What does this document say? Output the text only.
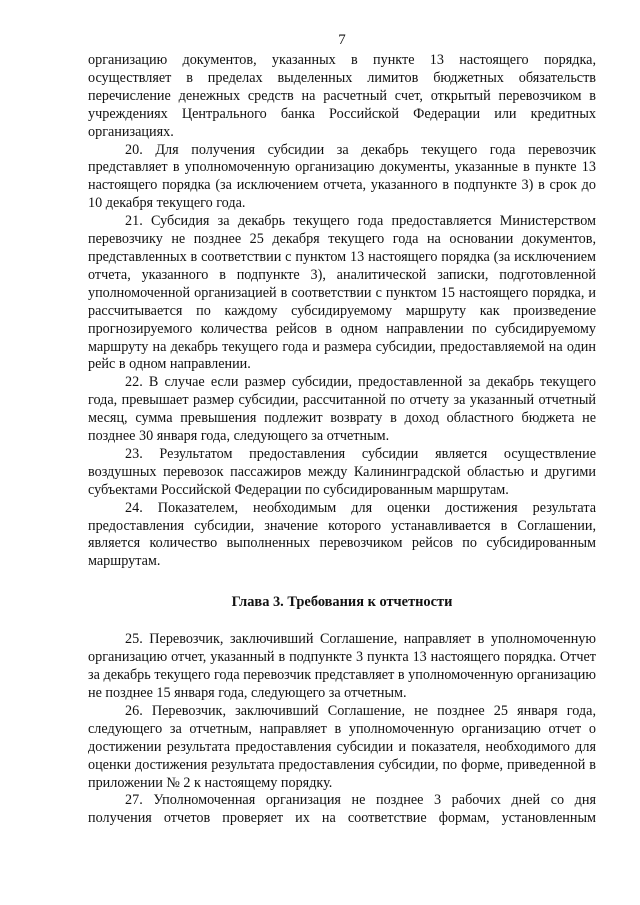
7

организацию документов, указанных в пункте 13 настоящего порядка, осуществляет в пределах выделенных лимитов бюджетных обязательств перечисление денежных средств на расчетный счет, открытый перевозчиком в учреждениях Центрального банка Российской Федерации или кредитных организациях.

20. Для получения субсидии за декабрь текущего года перевозчик представляет в уполномоченную организацию документы, указанные в пункте 13 настоящего порядка (за исключением отчета, указанного в подпункте 3) в срок до 10 декабря текущего года.

21. Субсидия за декабрь текущего года предоставляется Министерством перевозчику не позднее 25 декабря текущего года на основании документов, представленных в соответствии с пунктом 13 настоящего порядка (за исключением отчета, указанного в подпункте 3), аналитической записки, подготовленной уполномоченной организацией в соответствии с пунктом 15 настоящего порядка, и рассчитывается по каждому субсидируемому маршруту как произведение прогнозируемого количества рейсов в одном направлении по субсидируемому маршруту на декабрь текущего года и размера субсидии, предоставляемой на один рейс в одном направлении.

22. В случае если размер субсидии, предоставленной за декабрь текущего года, превышает размер субсидии, рассчитанной по отчету за указанный отчетный месяц, сумма превышения подлежит возврату в доход областного бюджета не позднее 30 января года, следующего за отчетным.

23. Результатом предоставления субсидии является осуществление воздушных перевозок пассажиров между Калининградской областью и другими субъектами Российской Федерации по субсидированным маршрутам.

24. Показателем, необходимым для оценки достижения результата предоставления субсидии, значение которого устанавливается в Соглашении, является количество выполненных перевозчиком рейсов по субсидированным маршрутам.

Глава 3. Требования к отчетности

25. Перевозчик, заключивший Соглашение, направляет в уполномоченную организацию отчет, указанный в подпункте 3 пункта 13 настоящего порядка. Отчет за декабрь текущего года перевозчик представляет в уполномоченную организацию не позднее 15 января года, следующего за отчетным.

26. Перевозчик, заключивший Соглашение, не позднее 25 января года, следующего за отчетным, направляет в уполномоченную организацию отчет о достижении результата предоставления субсидии и показателя, необходимого для оценки достижения результата предоставления субсидии, по форме, приведенной в приложении № 2 к настоящему порядку.

27. Уполномоченная организация не позднее 3 рабочих дней со дня получения отчетов проверяет их на соответствие формам, установленным
